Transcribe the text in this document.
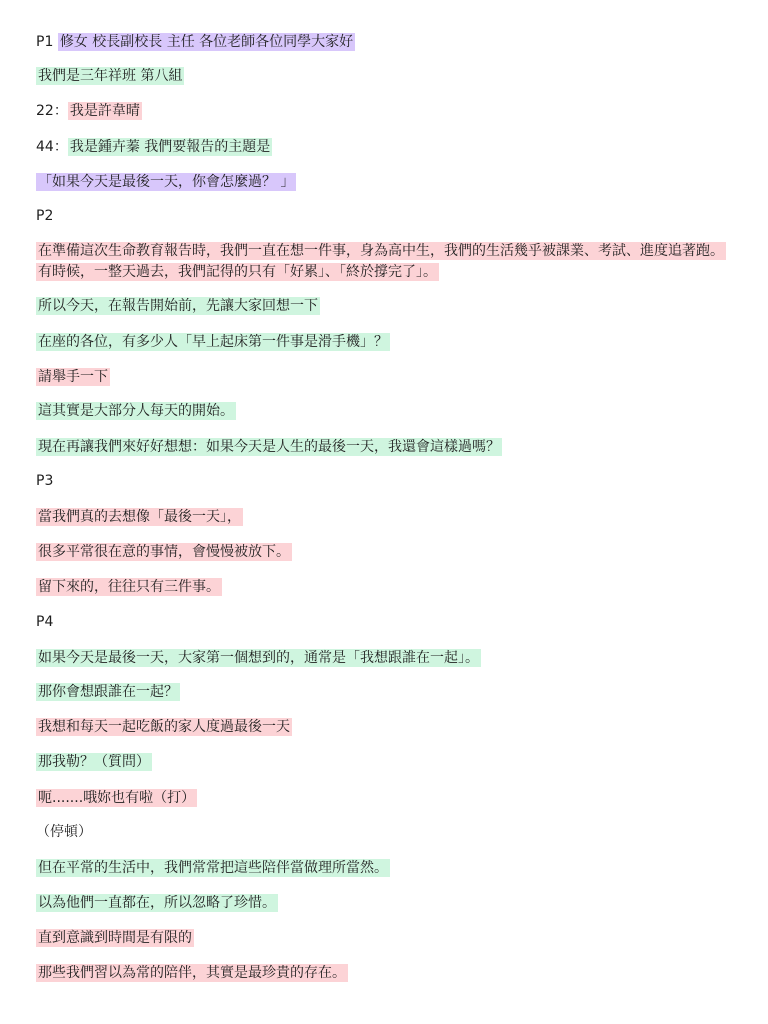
P1 修女 校長副校長 主任 各位老師各位同學大家好

我們是三年祥班 第八組

22： 我是許韋晴

44： 我是鍾卉蓁 我們要報告的主題是

「如果今天是最後一天，你會怎麼過？ 」

P2

在準備這次生命教育報告時，我們一直在想一件事，身為高中生，我們的生活幾乎被課業、考試、進度追著跑。有時候，一整天過去，我們記得的只有「好累」、「終於撐完了」。

所以今天，在報告開始前，先讓大家回想一下

在座的各位，有多少人「早上起床第一件事是滑手機」？

請舉手一下

這其實是大部分人每天的開始。

現在再讓我們來好好想想：如果今天是人生的最後一天，我還會這樣過嗎？

P3

當我們真的去想像「最後一天」，

很多平常很在意的事情，會慢慢被放下。

留下來的，往往只有三件事。

P4

如果今天是最後一天，大家第一個想到的，通常是「我想跟誰在一起」。

那你會想跟誰在一起？

我想和每天一起吃飯的家人度過最後一天

那我勒？（質問）

呃.......哦妳也有啦（打）

（停頓）

但在平常的生活中，我們常常把這些陪伴當做理所當然。

以為他們一直都在，所以忽略了珍惜。

直到意識到時間是有限的

那些我們習以為常的陪伴，其實是最珍貴的存在。
